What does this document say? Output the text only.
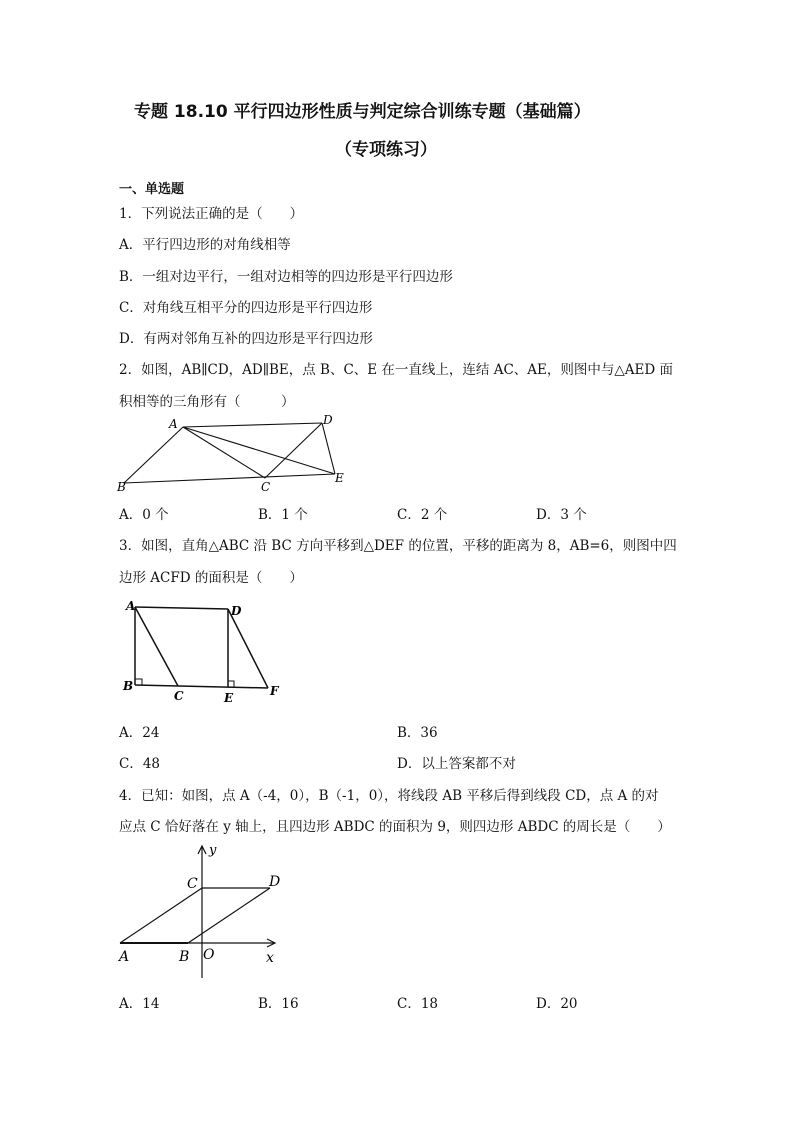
专题 18.10 平行四边形性质与判定综合训练专题（基础篇）
（专项练习）
一、单选题
1．下列说法正确的是（　　）
A．平行四边形的对角线相等
B．一组对边平行，一组对边相等的四边形是平行四边形
C．对角线互相平分的四边形是平行四边形
D．有两对邻角互补的四边形是平行四边形
2．如图，AB∥CD，AD∥BE，点 B、C、E 在一直线上，连结 AC、AE，则图中与△AED 面
积相等的三角形有（　　　）
A	D
B	C
E
A．0 个	B．1 个	C．2 个	D．3 个
3．如图，直角△ABC 沿 BC 方向平移到△DEF 的位置，平移的距离为 8，AB=6，则图中四
边形 ACFD 的面积是（　　）
A	D
B
C	E	F
A．24	B．36
C．48	D．以上答案都不对
4．已知：如图，点 A（-4，0），B（-1，0），将线段 AB 平移后得到线段 CD，点 A 的对
应点 C 恰好落在 y 轴上，且四边形 ABDC 的面积为 9，则四边形 ABDC 的周长是（　　）
y
C	D
A	B O	x
A．14	B．16	C．18	D．20
